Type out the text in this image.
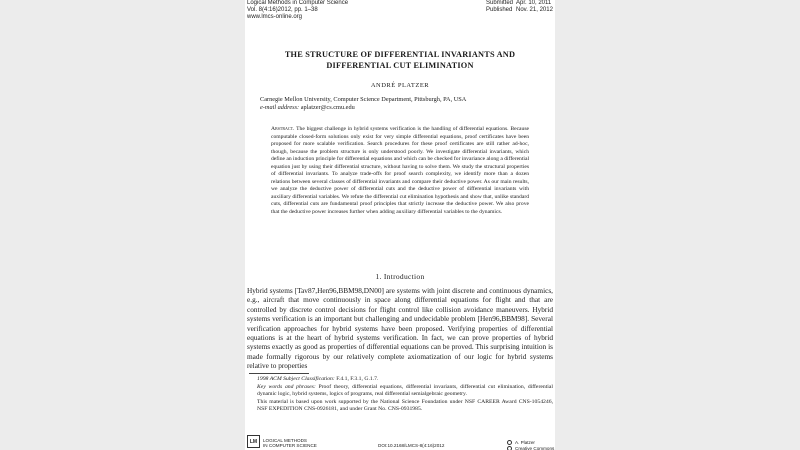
Logical Methods in Computer Science
Vol. 8(4:16)2012, pp. 1–38
www.lmcs-online.org
Submitted Apr. 10, 2011
Published Nov. 21, 2012
THE STRUCTURE OF DIFFERENTIAL INVARIANTS AND
DIFFERENTIAL CUT ELIMINATION
ANDRÉ PLATZER
Carnegie Mellon University, Computer Science Department, Pittsburgh, PA, USA
e-mail address: aplatzer@cs.cmu.edu
Abstract. The biggest challenge in hybrid systems verification is the handling of differential equations. Because computable closed-form solutions only exist for very simple differential equations, proof certificates have been proposed for more scalable verification. Search procedures for these proof certificates are still rather ad-hoc, though, because the problem structure is only understood poorly. We investigate differential invariants, which define an induction principle for differential equations and which can be checked for invariance along a differential equation just by using their differential structure, without having to solve them. We study the structural properties of differential invariants. To analyze trade-offs for proof search complexity, we identify more than a dozen relations between several classes of differential invariants and compare their deductive power. As our main results, we analyze the deductive power of differential cuts and the deductive power of differential invariants with auxiliary differential variables. We refute the differential cut elimination hypothesis and show that, unlike standard cuts, differential cuts are fundamental proof principles that strictly increase the deductive power. We also prove that the deductive power increases further when adding auxiliary differential variables to the dynamics.
1. Introduction
Hybrid systems [Tav87,Hen96,BBM98,DN00] are systems with joint discrete and continuous dynamics, e.g., aircraft that move continuously in space along differential equations for flight and that are controlled by discrete control decisions for flight control like collision avoidance maneuvers. Hybrid systems verification is an important but challenging and undecidable problem [Hen96,BBM98]. Several verification approaches for hybrid systems have been proposed. Verifying properties of differential equations is at the heart of hybrid systems verification. In fact, we can prove properties of hybrid systems exactly as good as properties of differential equations can be proved. This surprising intuition is made formally rigorous by our relatively complete axiomatization of our logic for hybrid systems relative to properties
1998 ACM Subject Classification: F.4.1, F.3.1, G.1.7.
Key words and phrases: Proof theory, differential equations, differential invariants, differential cut elimination, differential dynamic logic, hybrid systems, logics of programs, real differential semialgebraic geometry.
This material is based upon work supported by the National Science Foundation under NSF CAREER Award CNS-1054246, NSF EXPEDITION CNS-0926181, and under Grant No. CNS-0931985.
LM	LOGICAL METHODS
IN COMPUTER SCIENCE	DOI:10.2168/LMCS-8(4:16)2012
A. Platzer
Creative Commons
